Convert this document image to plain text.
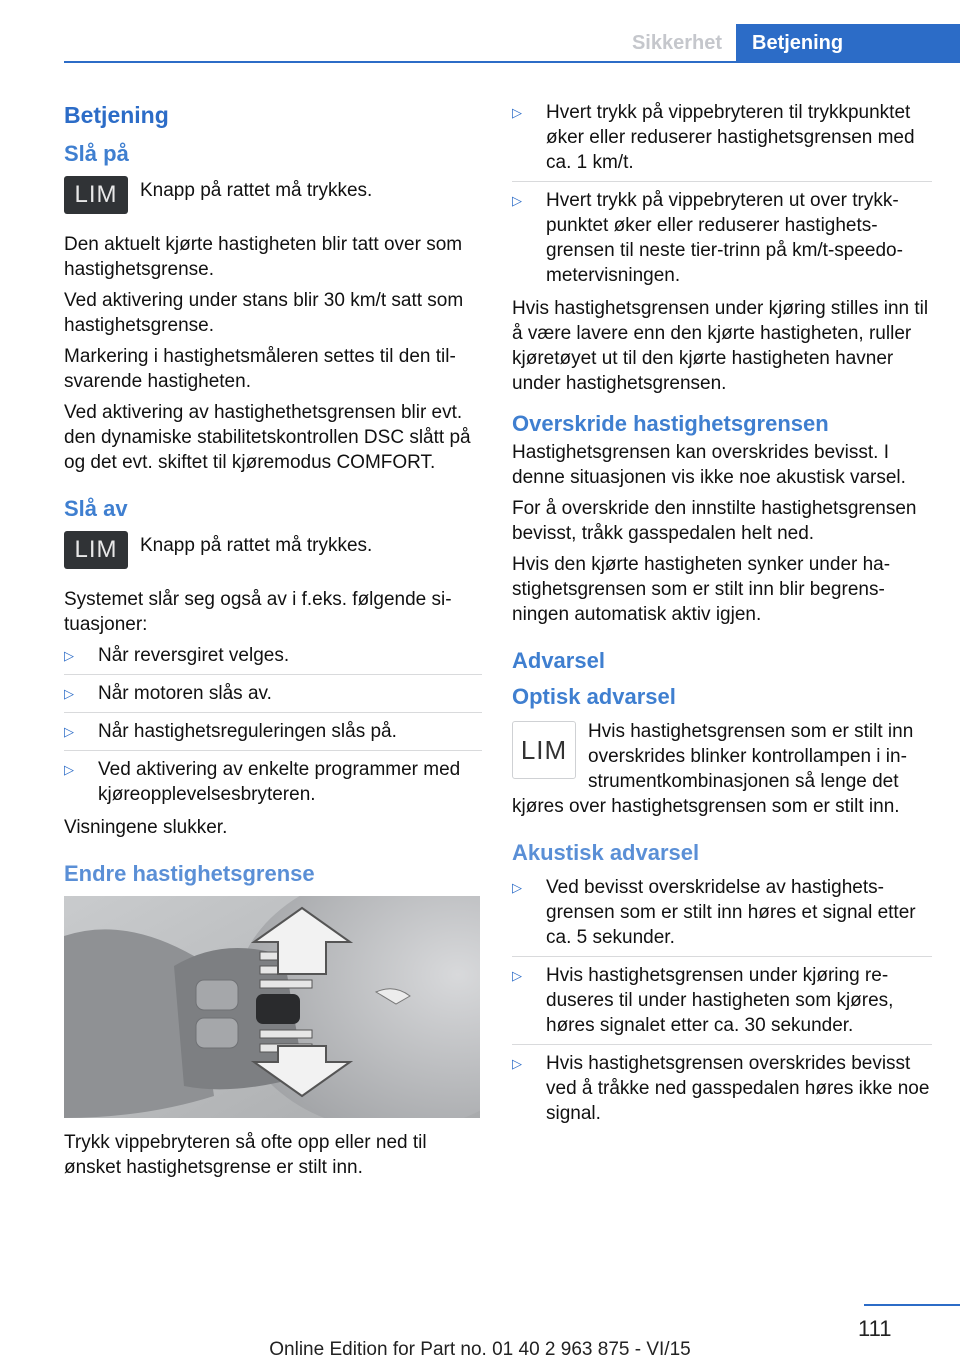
Sikkerhet	Betjening
Betjening
Slå på
LIM	Knapp på rattet må trykkes.

Den aktuelt kjørte hastigheten blir tatt over som hastighetsgrense.

Ved aktivering under stans blir 30 km/t satt som hastighetsgrense.

Markering i hastighetsmåleren settes til den tilsvarende hastigheten.

Ved aktivering av hastighethetsgrensen blir evt. den dynamiske stabilitetskontrollen DSC slått på og det evt. skiftet til kjøremodus COMFORT.

Slå av
LIM	Knapp på rattet må trykkes.

Systemet slår seg også av i f.eks. følgende situasjoner:

▷ Når reversgiret velges.
▷ Når motoren slås av.
▷ Når hastighetsreguleringen slås på.
▷ Ved aktivering av enkelte programmer med kjøreopplevelsesbryteren.

Visningene slukker.

Endre hastighetsgrense

Trykk vippebryteren så ofte opp eller ned til ønsket hastighetsgrense er stilt inn.

▷ Hvert trykk på vippebryteren til trykkpunktet øker eller reduserer hastighetsgrensen med ca. 1 km/t.
▷ Hvert trykk på vippebryteren ut over trykkpunktet øker eller reduserer hastighetsgrensen til neste tier-trinn på km/t-speedometervisningen.

Hvis hastighetsgrensen under kjøring stilles inn til å være lavere enn den kjørte hastigheten, ruller kjøretøyet ut til den kjørte hastigheten havner under hastighetsgrensen.

Overskride hastighetsgrensen

Hastighetsgrensen kan overskrides bevisst. I denne situasjonen vis ikke noe akustisk varsel.

For å overskride den innstilte hastighetsgrensen bevisst, tråkk gasspedalen helt ned.

Hvis den kjørte hastigheten synker under hastighetsgrensen som er stilt inn blir begrensningen automatisk aktiv igjen.

Advarsel
Optisk advarsel
LIM
Hvis hastighetsgrensen som er stilt inn overskrides blinker kontrollampen i instrumentkombinasjonen så lenge det kjøres over hastighetsgrensen som er stilt inn.
Akustisk advarsel
▷ Ved bevisst overskridelse av hastighetsgrensen som er stilt inn høres et signal etter ca. 5 sekunder.
▷ Hvis hastighetsgrensen under kjøring reduseres til under hastigheten som kjøres, høres signalet etter ca. 30 sekunder.
▷ Hvis hastighetsgrensen overskrides bevisst ved å tråkke ned gasspedalen høres ikke noe signal.
111
Online Edition for Part no. 01 40 2 963 875 - VI/15
